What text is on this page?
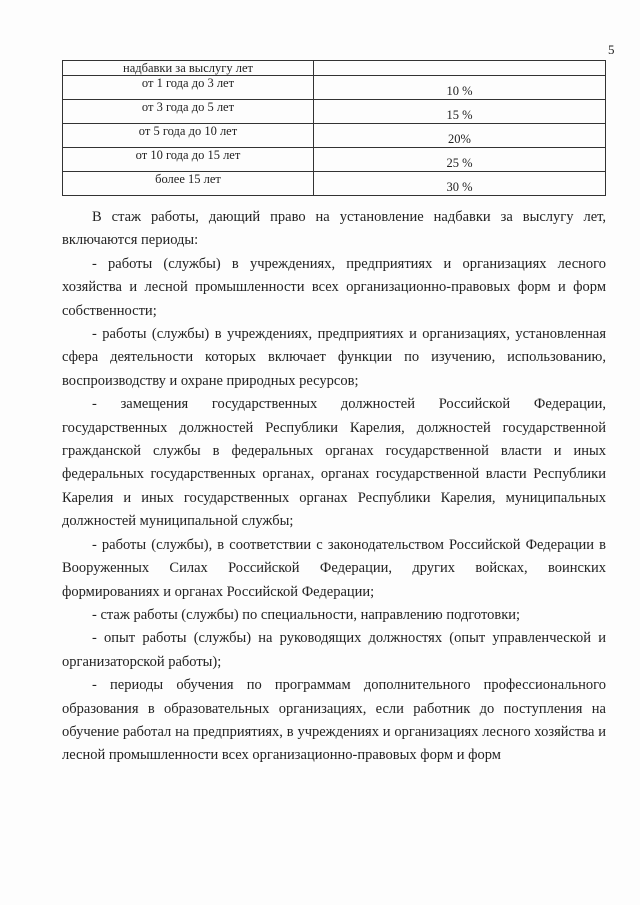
5
надбавки за выслугу лет	

от 1 года до 3 лет	10 %

от 3 года до 5 лет	15 %

от 5 года до 10 лет	20%

от 10 года до 15 лет	25 %

более 15 лет	30 %

В стаж работы, дающий право на установление надбавки за выслугу лет, включаются периоды:

- работы (службы) в учреждениях, предприятиях и организациях лесного хозяйства и лесной промышленности всех организационно-правовых форм и форм собственности;

- работы (службы) в учреждениях, предприятиях и организациях, установленная сфера деятельности которых включает функции по изучению, использованию, воспроизводству и охране природных ресурсов;

- замещения государственных должностей Российской Федерации, государственных должностей Республики Карелия, должностей государственной гражданской службы в федеральных органах государственной власти и иных федеральных государственных органах, органах государственной власти Республики Карелия и иных государственных органах Республики Карелия, муниципальных должностей муниципальной службы;

- работы (службы), в соответствии с законодательством Российской Федерации в Вооруженных Силах Российской Федерации, других войсках, воинских формированиях и органах Российской Федерации;

- стаж работы (службы) по специальности, направлению подготовки;

- опыт работы (службы) на руководящих должностях (опыт управленческой и организаторской работы);

- периоды обучения по программам дополнительного профессионального образования в образовательных организациях, если работник до поступления на обучение работал на предприятиях, в учреждениях и организациях лесного хозяйства и лесной промышленности всех организационно-правовых форм и форм
